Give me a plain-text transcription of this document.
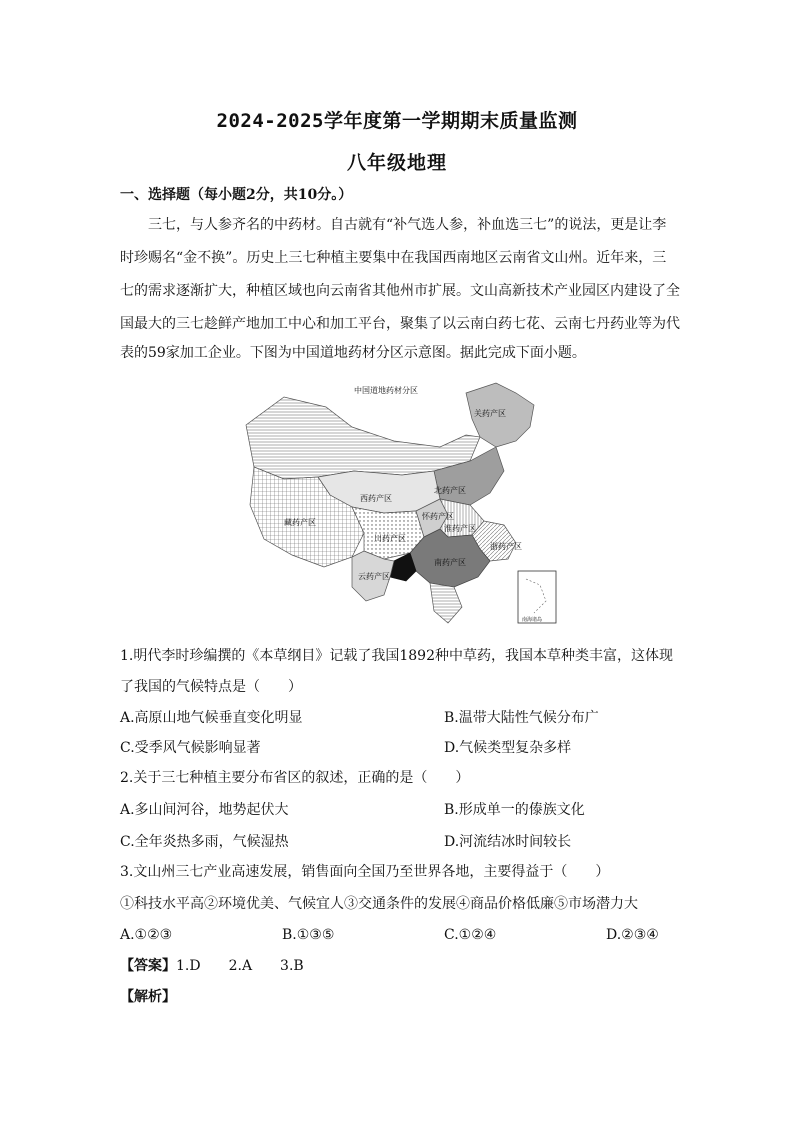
2024-2025学年度第一学期期末质量监测
八年级地理
一、选择题（每小题2分，共10分。）
三七，与人参齐名的中药材。自古就有“补气选人参，补血选三七”的说法，更是让李
时珍赐名“金不换”。历史上三七种植主要集中在我国西南地区云南省文山州。近年来，三
七的需求逐渐扩大，种植区域也向云南省其他州市扩展。文山高新技术产业园区内建设了全
国最大的三七趁鲜产地加工中心和加工平台，聚集了以云南白药七花、云南七丹药业等为代
表的59家加工企业。下图为中国道地药材分区示意图。据此完成下面小题。
中国道地药材分区
南海诸岛
关药产区
北药产区
西药产区
藏药产区
怀药产区
川药产区
淮药产区
浙药产区
南药产区
云药产区
1.明代李时珍编撰的《本草纲目》记载了我国1892种中草药，我国本草种类丰富，这体现
了我国的气候特点是（　　）
A.高原山地气候垂直变化明显	B.温带大陆性气候分布广
C.受季风气候影响显著	D.气候类型复杂多样
2.关于三七种植主要分布省区的叙述，正确的是（　　）
A.多山间河谷，地势起伏大	B.形成单一的傣族文化
C.全年炎热多雨，气候湿热	D.河流结冰时间较长
3.文山州三七产业高速发展，销售面向全国乃至世界各地，主要得益于（　　）
①科技水平高②环境优美、气候宜人③交通条件的发展④商品价格低廉⑤市场潜力大
A.①②③	B.①③⑤	C.①②④	D.②③④
【答案】1.D　　2.A　　3.B
【解析】
